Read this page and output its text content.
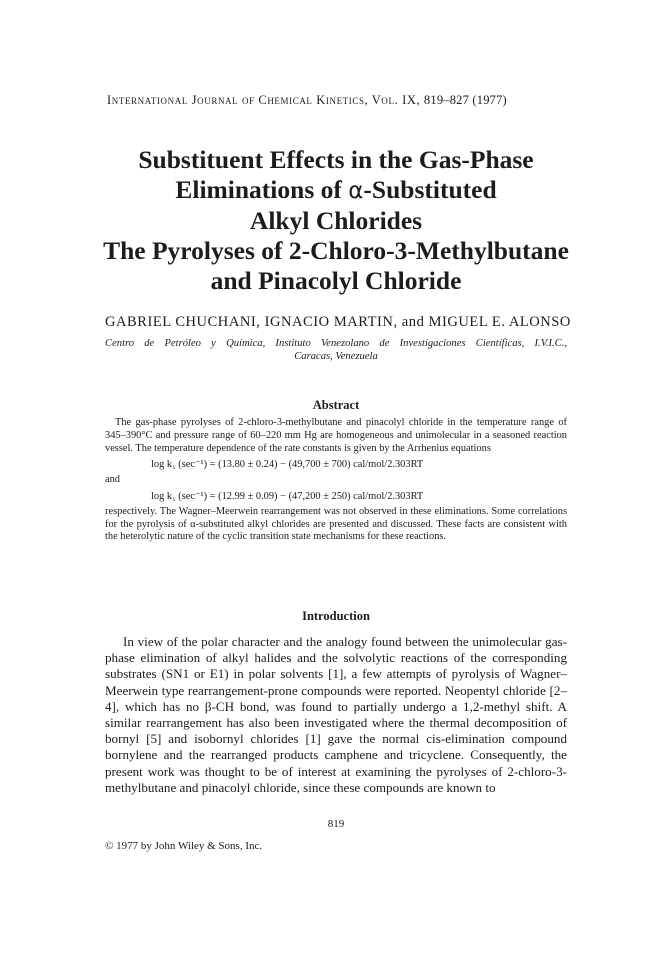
International Journal of Chemical Kinetics, Vol. IX, 819–827 (1977)
Substituent Effects in the Gas-Phase
Eliminations of α-Substituted
Alkyl Chlorides
The Pyrolyses of 2-Chloro-3-Methylbutane
and Pinacolyl Chloride
GABRIEL CHUCHANI, IGNACIO MARTIN, and MIGUEL E. ALONSO
Centro de Petróleo y Química, Instituto Venezolano de Investigaciones Científicas, I.V.I.C.,
Caracas, Venezuela
Abstract

The gas-phase pyrolyses of 2-chloro-3-methylbutane and pinacolyl chloride in the temperature range of 345–390°C and pressure range of 60–220 mm Hg are homogeneous and unimolecular in a seasoned reaction vessel. The temperature dependence of the rate constants is given by the Arrhenius equations

log k₁ (sec⁻¹) = (13.80 ± 0.24) − (49,700 ± 700) cal/mol/2.303RT

and

log k₁ (sec⁻¹) = (12.99 ± 0.09) − (47,200 ± 250) cal/mol/2.303RT

respectively. The Wagner–Meerwein rearrangement was not observed in these eliminations. Some correlations for the pyrolysis of α-substituted alkyl chlorides are presented and discussed. These facts are consistent with the heterolytic nature of the cyclic transition state mechanisms for these reactions.

Introduction

In view of the polar character and the analogy found between the unimolecular gas-phase elimination of alkyl halides and the solvolytic reactions of the corresponding substrates (SN1 or E1) in polar solvents [1], a few attempts of pyrolysis of Wagner–Meerwein type rearrangement-prone compounds were reported. Neopentyl chloride [2–4], which has no β-CH bond, was found to partially undergo a 1,2-methyl shift. A similar rearrangement has also been investigated where the thermal decomposition of bornyl [5] and isobornyl chlorides [1] gave the normal cis-elimination compound bornylene and the rearranged products camphene and tricyclene. Consequently, the present work was thought to be of interest at examining the pyrolyses of 2-chloro-3-methylbutane and pinacolyl chloride, since these compounds are known to

819
© 1977 by John Wiley & Sons, Inc.
